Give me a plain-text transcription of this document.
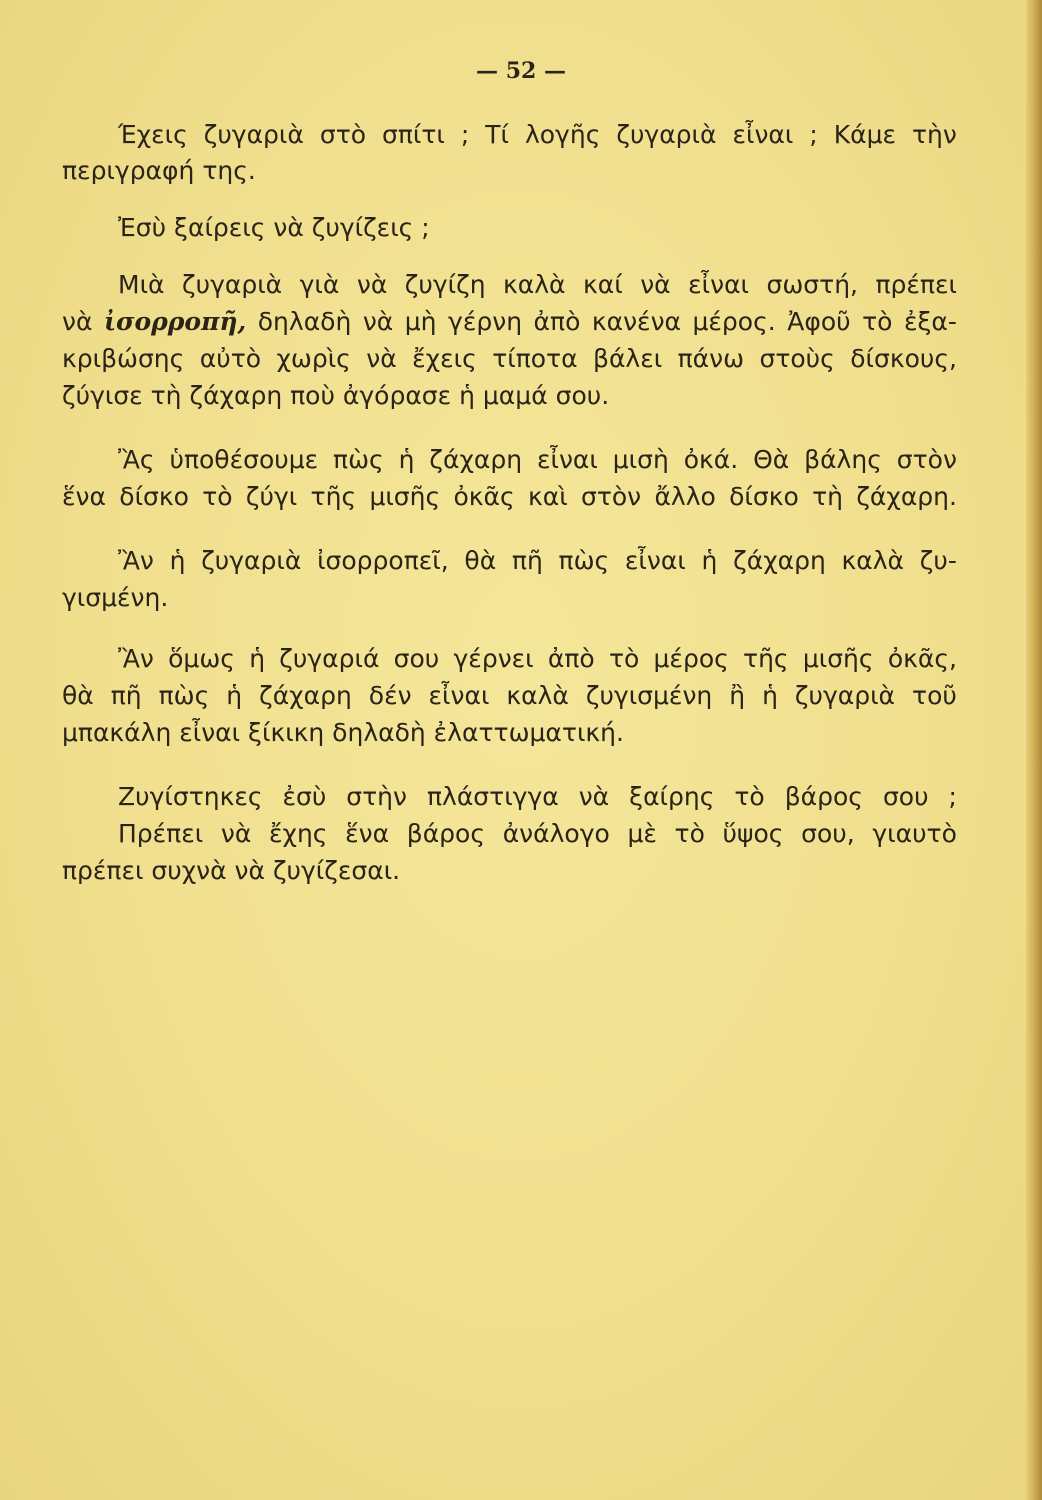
— 52 —
Έχεις ζυγαριὰ στὸ σπίτι ; Τί λογῆς ζυγαριὰ εἶναι ; Κάμε τὴν
περιγραφή της.
Ἐσὺ ξαίρεις νὰ ζυγίζεις ;
Μιὰ ζυγαριὰ γιὰ νὰ ζυγίζη καλὰ καί νὰ εἶναι σωστή, πρέπει
νὰ ἰσορροπῆ, δηλαδὴ νὰ μὴ γέρνη ἀπὸ κανένα μέρος. Ἀφοῦ τὸ ἐξα-
κριβώσης αὐτὸ χωρὶς νὰ ἔχεις τίποτα βάλει πάνω στοὺς δίσκους,
ζύγισε τὴ ζάχαρη ποὺ ἀγόρασε ἡ μαμά σου.
Ἂς ὑποθέσουμε πὼς ἡ ζάχαρη εἶναι μισὴ ὀκά. Θὰ βάλης στὸν
ἕνα δίσκο τὸ ζύγι τῆς μισῆς ὀκᾶς καὶ στὸν ἄλλο δίσκο τὴ ζάχαρη.
Ἂν ἡ ζυγαριὰ ἰσορροπεῖ, θὰ πῆ πὼς εἶναι ἡ ζάχαρη καλὰ ζυ-
γισμένη.
Ἂν ὅμως ἡ ζυγαριά σου γέρνει ἀπὸ τὸ μέρος τῆς μισῆς ὀκᾶς,
θὰ πῆ πὼς ἡ ζάχαρη δέν εἶναι καλὰ ζυγισμένη ἢ ἡ ζυγαριὰ τοῦ
μπακάλη εἶναι ξίκικη δηλαδὴ ἐλαττωματική.
Ζυγίστηκες ἐσὺ στὴν πλάστιγγα νὰ ξαίρης τὸ βάρος σου ;
Πρέπει νὰ ἔχης ἕνα βάρος ἀνάλογο μὲ τὸ ὕψος σου, γιαυτὸ
πρέπει συχνὰ νὰ ζυγίζεσαι.
